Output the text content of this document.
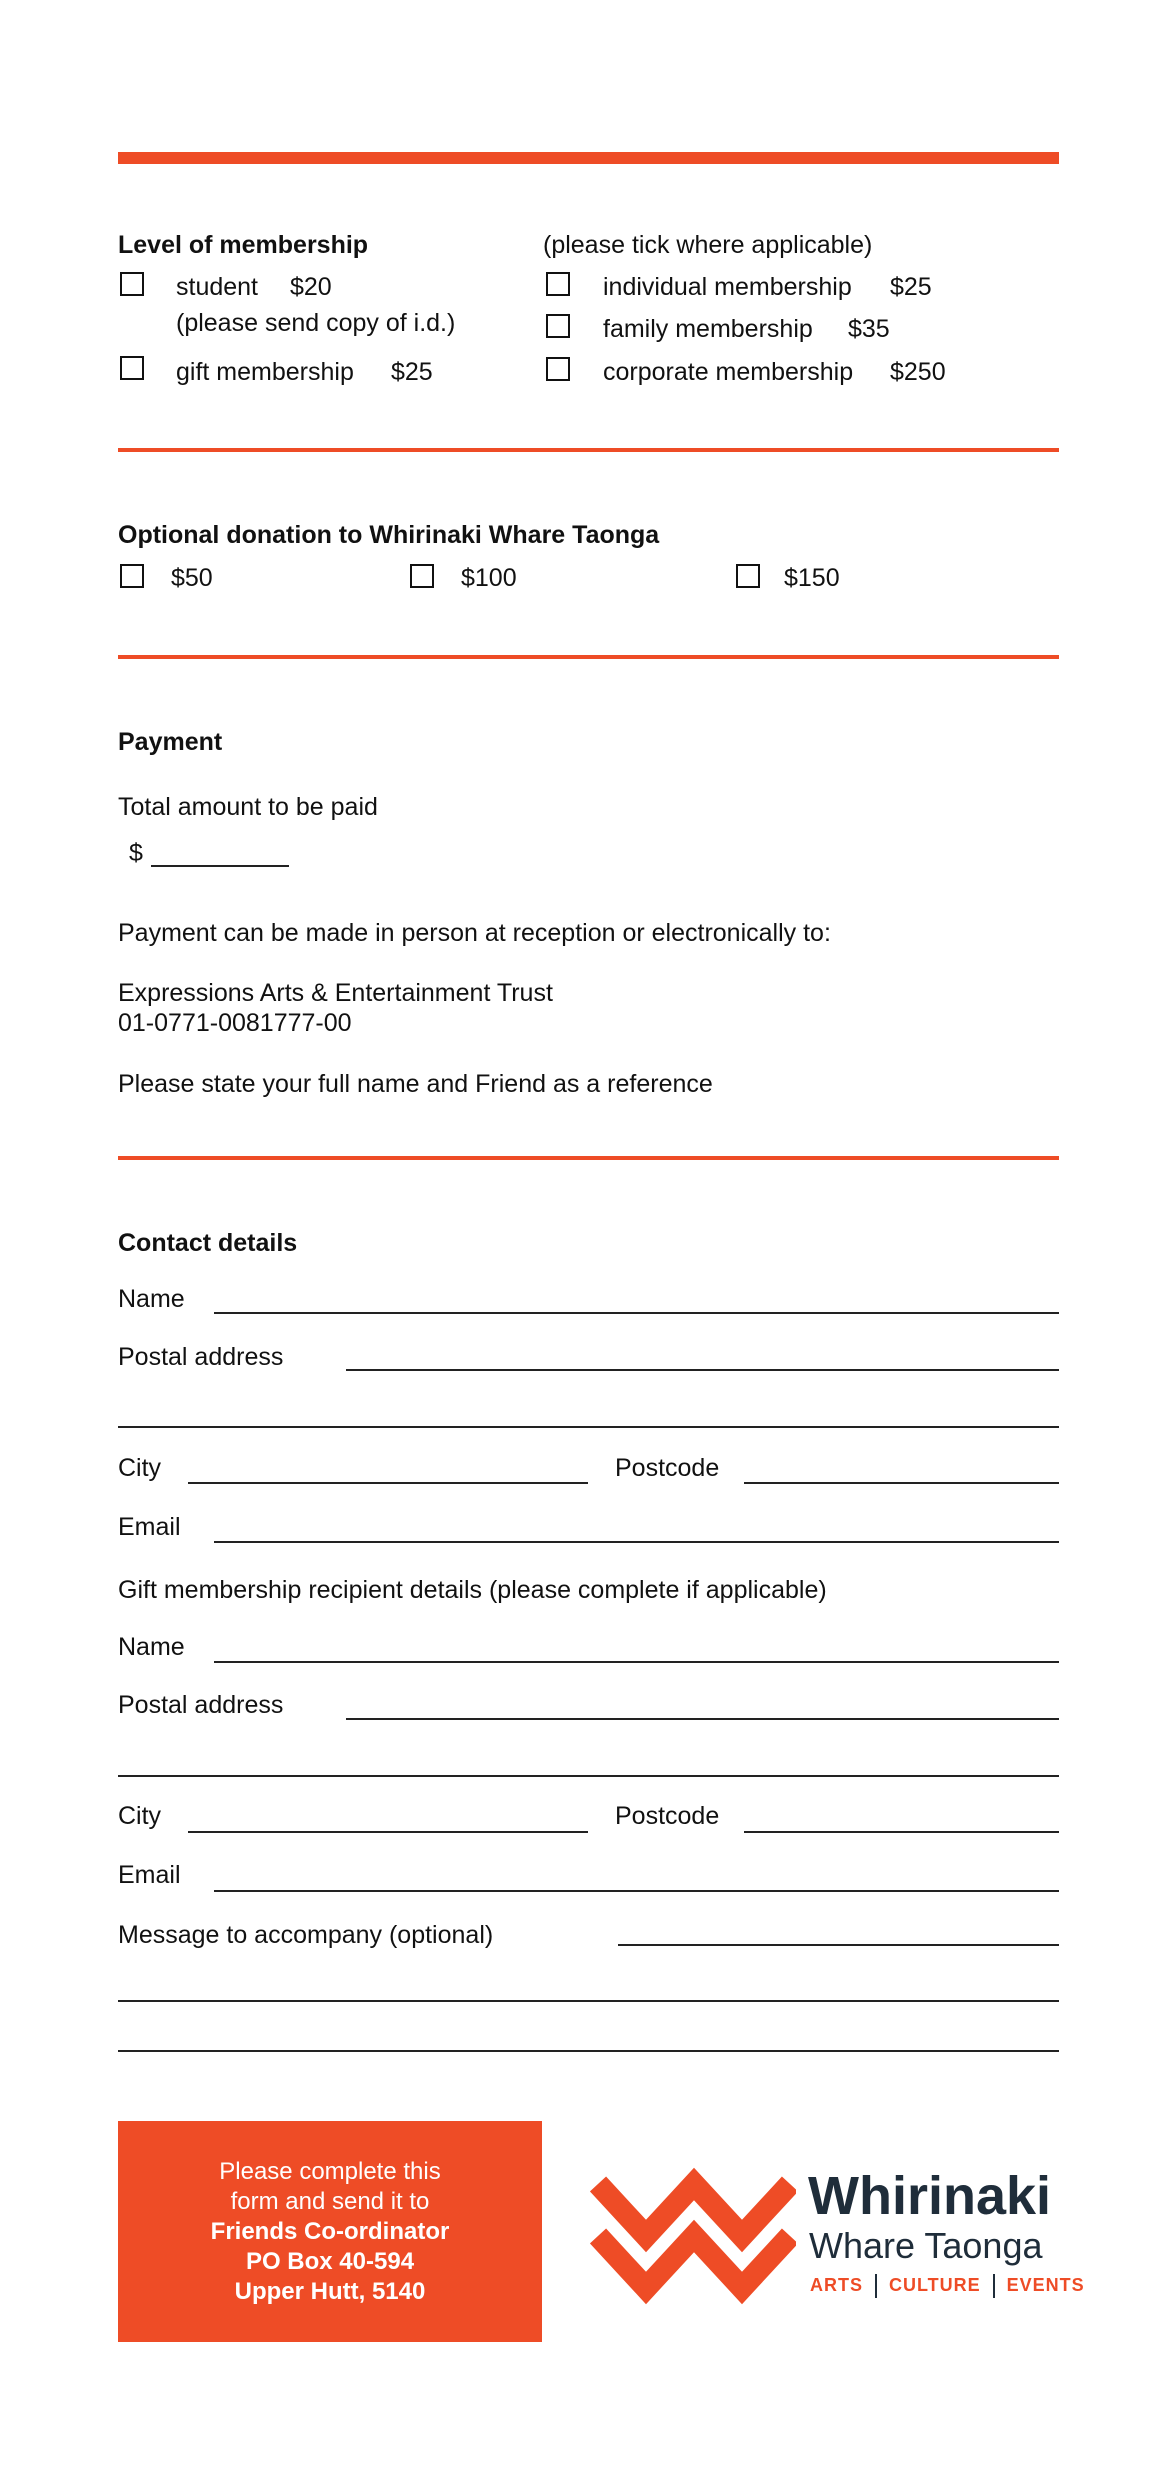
Level of membership	(please tick where applicable)
student $20
(please send copy of i.d.)
gift membership $25
individual membership $25
family membership $35
corporate membership $250
Optional donation to Whirinaki Whare Taonga
$50	$100	$150
Payment
Total amount to be paid
$
Payment can be made in person at reception or electronically to:
Expressions Arts & Entertainment Trust
01-0771-0081777-00
Please state your full name and Friend as a reference
Contact details
Name
Postal address
City	Postcode
Email
Gift membership recipient details (please complete if applicable)
Name
Postal address
City	Postcode
Email
Message to accompany (optional)
Please complete this
form and send it to
Friends Co-ordinator
PO Box 40-594
Upper Hutt, 5140
Whirinaki
Whare Taonga
ARTS CULTURE EVENTS
